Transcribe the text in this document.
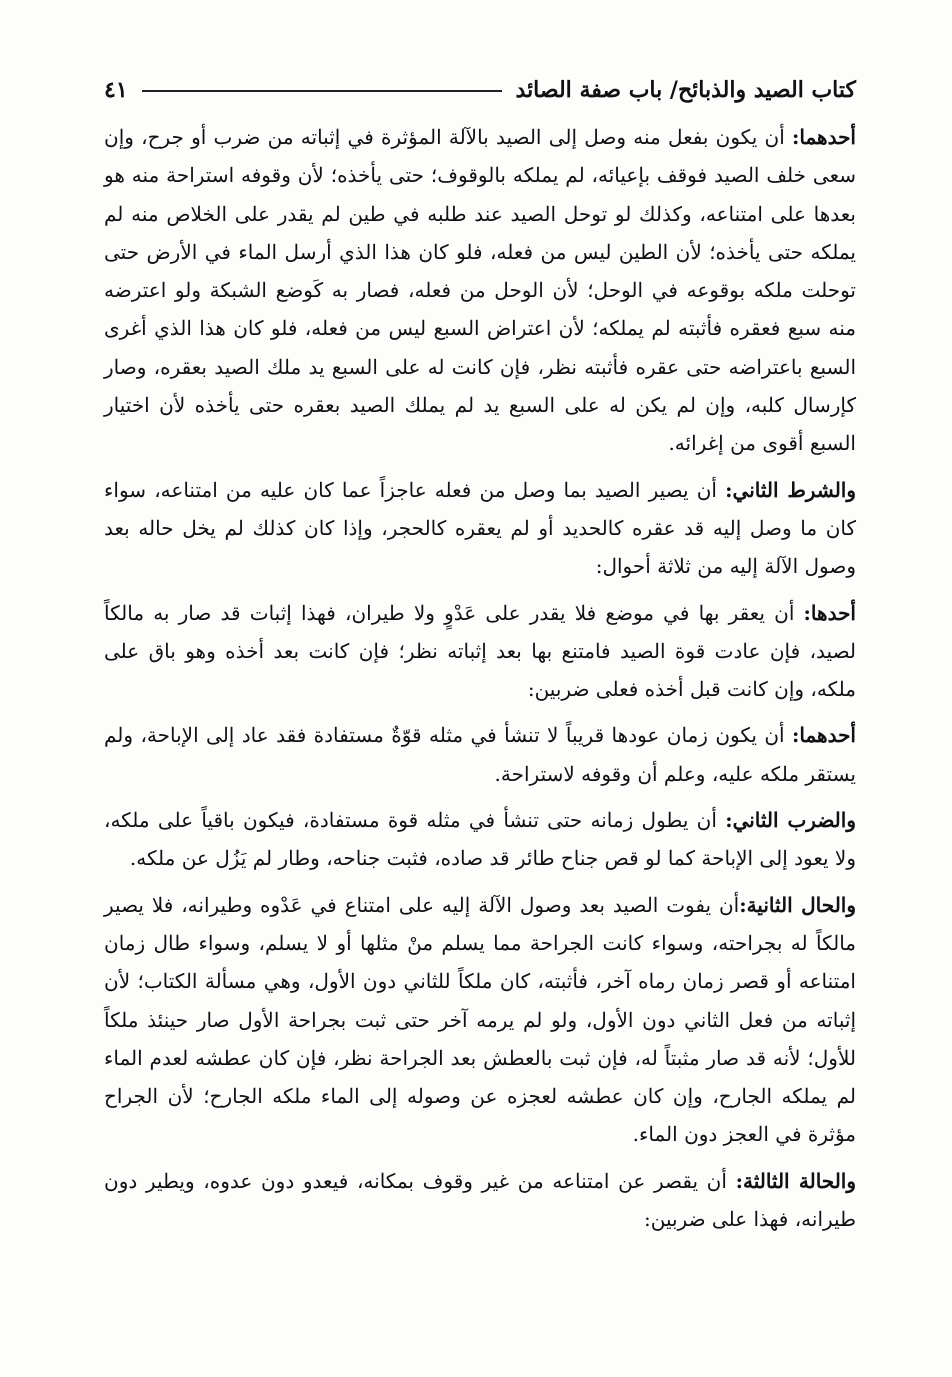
كتاب الصيد والذبائح/ باب صفة الصائد
٤١

أحدهما: أن يكون بفعل منه وصل إلى الصيد بالآلة المؤثرة في إثباته من ضرب أو جرح، وإن سعى خلف الصيد فوقف بإعيائه، لم يملكه بالوقوف؛ حتى يأخذه؛ لأن وقوفه استراحة منه هو بعدها على امتناعه، وكذلك لو توحل الصيد عند طلبه في طين لم يقدر على الخلاص منه لم يملكه حتى يأخذه؛ لأن الطين ليس من فعله، فلو كان هذا الذي أرسل الماء في الأرض حتى توحلت ملكه بوقوعه في الوحل؛ لأن الوحل من فعله، فصار به كَوضع الشبكة ولو اعترضه منه سبع فعقره فأثبته لم يملكه؛ لأن اعتراض السبع ليس من فعله، فلو كان هذا الذي أغرى السبع باعتراضه حتى عقره فأثبته نظر، فإن كانت له على السبع يد ملك الصيد بعقره، وصار كإرسال كلبه، وإن لم يكن له على السبع يد لم يملك الصيد بعقره حتى يأخذه لأن اختيار السبع أقوى من إغرائه.

والشرط الثاني: أن يصير الصيد بما وصل من فعله عاجزاً عما كان عليه من امتناعه، سواء كان ما وصل إليه قد عقره كالحديد أو لم يعقره كالحجر، وإذا كان كذلك لم يخل حاله بعد وصول الآلة إليه من ثلاثة أحوال:

أحدها: أن يعقر بها في موضع فلا يقدر على عَدْوٍ ولا طيران، فهذا إثبات قد صار به مالكاً لصيد، فإن عادت قوة الصيد فامتنع بها بعد إثباته نظر؛ فإن كانت بعد أخذه وهو باق على ملكه، وإن كانت قبل أخذه فعلى ضربين:

أحدهما: أن يكون زمان عودها قريباً لا تنشأ في مثله قوّةٌ مستفادة فقد عاد إلى الإباحة، ولم يستقر ملكه عليه، وعلم أن وقوفه لاستراحة.

والضرب الثاني: أن يطول زمانه حتى تنشأ في مثله قوة مستفادة، فيكون باقياً على ملكه، ولا يعود إلى الإباحة كما لو قص جناح طائر قد صاده، فثبت جناحه، وطار لم يَزُل عن ملكه.

والحال الثانية:أن يفوت الصيد بعد وصول الآلة إليه على امتناع في عَدْوه وطيرانه، فلا يصير مالكاً له بجراحته، وسواء كانت الجراحة مما يسلم منْ مثلها أو لا يسلم، وسواء طال زمان امتناعه أو قصر زمان رماه آخر، فأثبته، كان ملكاً للثاني دون الأول، وهي مسألة الكتاب؛ لأن إثباته من فعل الثاني دون الأول، ولو لم يرمه آخر حتى ثبت بجراحة الأول صار حينئذ ملكاً للأول؛ لأنه قد صار مثبتاً له، فإن ثبت بالعطش بعد الجراحة نظر، فإن كان عطشه لعدم الماء لم يملكه الجارح، وإن كان عطشه لعجزه عن وصوله إلى الماء ملكه الجارح؛ لأن الجراح مؤثرة في العجز دون الماء.

والحالة الثالثة: أن يقصر عن امتناعه من غير وقوف بمكانه، فيعدو دون عدوه، ويطير دون طيرانه، فهذا على ضربين:
